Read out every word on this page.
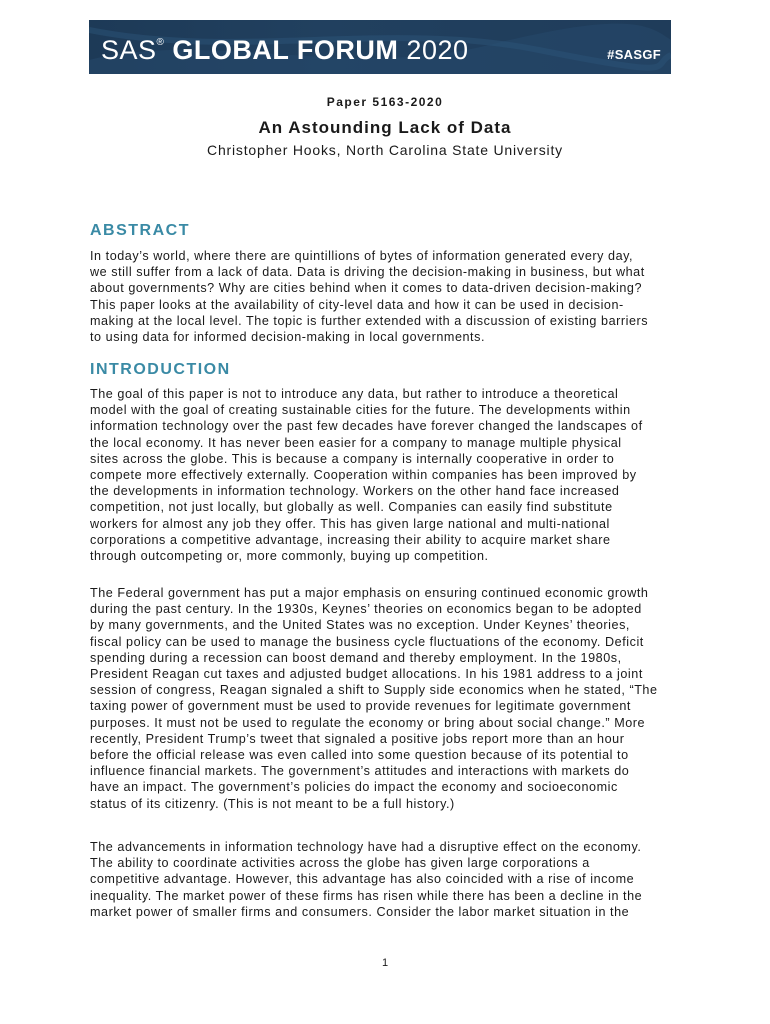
SAS® GLOBAL FORUM 2020	#SASGF
Paper 5163-2020
An Astounding Lack of Data
Christopher Hooks, North Carolina State University
ABSTRACT

In today’s world, where there are quintillions of bytes of information generated every day,
we still suffer from a lack of data. Data is driving the decision-making in business, but what
about governments? Why are cities behind when it comes to data-driven decision-making?
This paper looks at the availability of city-level data and how it can be used in decision-
making at the local level. The topic is further extended with a discussion of existing barriers
to using data for informed decision-making in local governments.

INTRODUCTION

The goal of this paper is not to introduce any data, but rather to introduce a theoretical
model with the goal of creating sustainable cities for the future. The developments within
information technology over the past few decades have forever changed the landscapes of
the local economy. It has never been easier for a company to manage multiple physical
sites across the globe. This is because a company is internally cooperative in order to
compete more effectively externally. Cooperation within companies has been improved by
the developments in information technology. Workers on the other hand face increased
competition, not just locally, but globally as well. Companies can easily find substitute
workers for almost any job they offer. This has given large national and multi-national
corporations a competitive advantage, increasing their ability to acquire market share
through outcompeting or, more commonly, buying up competition.

The Federal government has put a major emphasis on ensuring continued economic growth
during the past century. In the 1930s, Keynes’ theories on economics began to be adopted
by many governments, and the United States was no exception. Under Keynes’ theories,
fiscal policy can be used to manage the business cycle fluctuations of the economy. Deficit
spending during a recession can boost demand and thereby employment. In the 1980s,
President Reagan cut taxes and adjusted budget allocations. In his 1981 address to a joint
session of congress, Reagan signaled a shift to Supply side economics when he stated, “The
taxing power of government must be used to provide revenues for legitimate government
purposes. It must not be used to regulate the economy or bring about social change.” More
recently, President Trump’s tweet that signaled a positive jobs report more than an hour
before the official release was even called into some question because of its potential to
influence financial markets. The government’s attitudes and interactions with markets do
have an impact. The government’s policies do impact the economy and socioeconomic
status of its citizenry. (This is not meant to be a full history.)

The advancements in information technology have had a disruptive effect on the economy.
The ability to coordinate activities across the globe has given large corporations a
competitive advantage. However, this advantage has also coincided with a rise of income
inequality. The market power of these firms has risen while there has been a decline in the
market power of smaller firms and consumers. Consider the labor market situation in the

1
